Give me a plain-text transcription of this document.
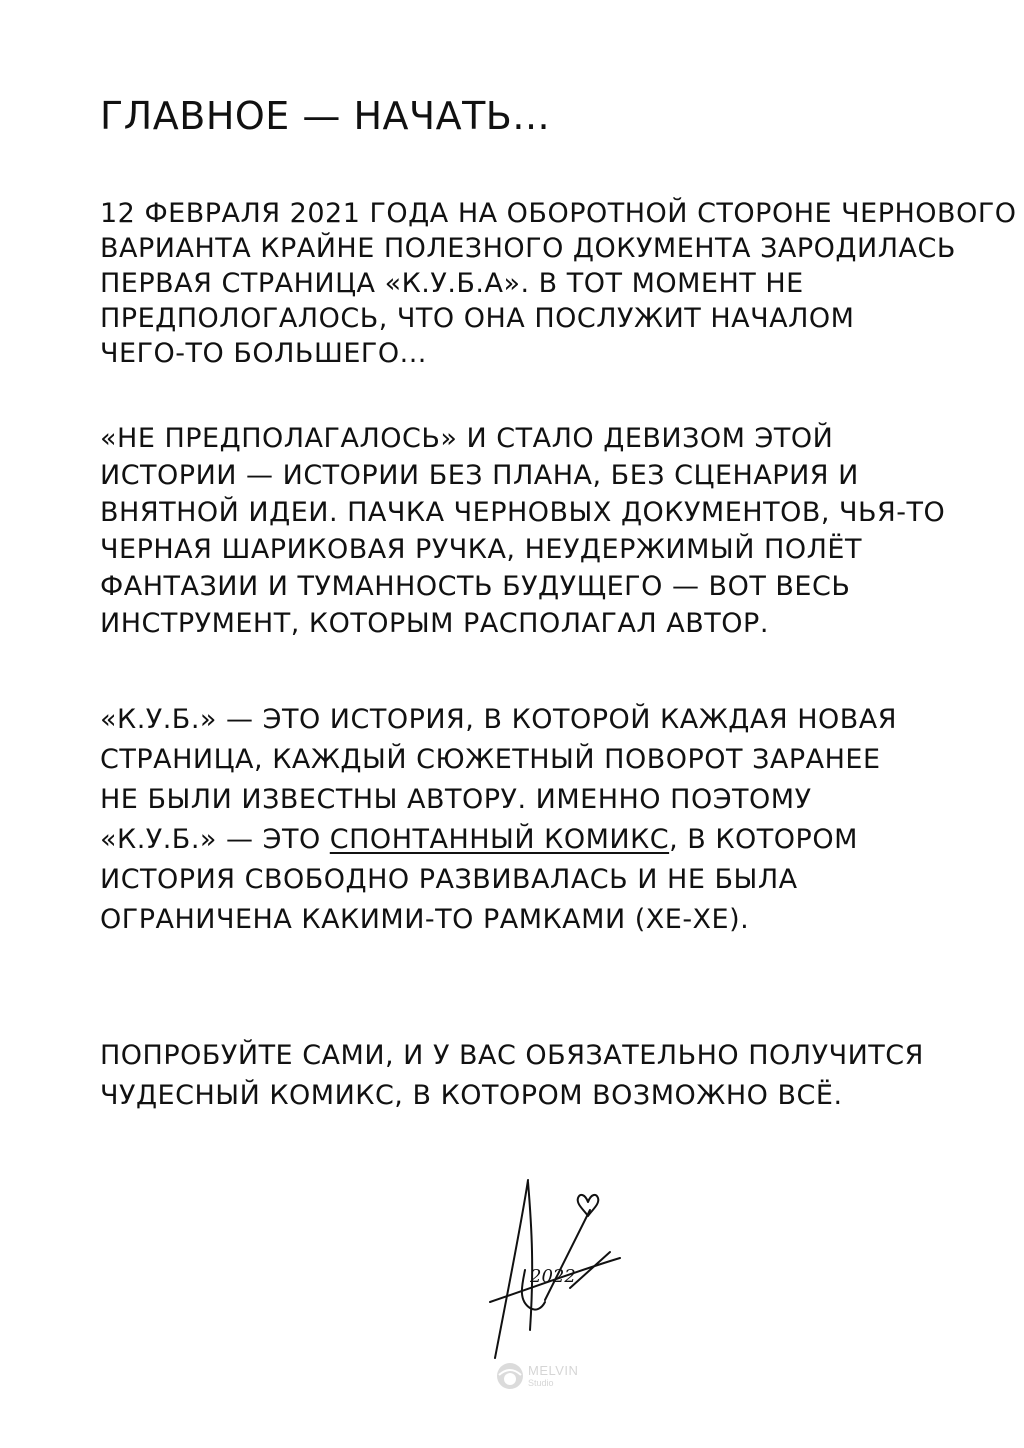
ГЛАВНОЕ — НАЧАТЬ...
12 ФЕВРАЛЯ 2021 ГОДА НА ОБОРОТНОЙ СТОРОНЕ ЧЕРНОВОГО
ВАРИАНТА КРАЙНЕ ПОЛЕЗНОГО ДОКУМЕНТА ЗАРОДИЛАСЬ
ПЕРВАЯ СТРАНИЦА «К.У.Б.А». В ТОТ МОМЕНТ НЕ
ПРЕДПОЛОГАЛОСЬ, ЧТО ОНА ПОСЛУЖИТ НАЧАЛОМ
ЧЕГО-ТО БОЛЬШЕГО...
«НЕ ПРЕДПОЛАГАЛОСЬ» И СТАЛО ДЕВИЗОМ ЭТОЙ
ИСТОРИИ — ИСТОРИИ БЕЗ ПЛАНА, БЕЗ СЦЕНАРИЯ И
ВНЯТНОЙ ИДЕИ. ПАЧКА ЧЕРНОВЫХ ДОКУМЕНТОВ, ЧЬЯ-ТО
ЧЕРНАЯ ШАРИКОВАЯ РУЧКА, НЕУДЕРЖИМЫЙ ПОЛЁТ
ФАНТАЗИИ И ТУМАННОСТЬ БУДУЩЕГО — ВОТ ВЕСЬ
ИНСТРУМЕНТ, КОТОРЫМ РАСПОЛАГАЛ АВТОР.
«К.У.Б.» — ЭТО ИСТОРИЯ, В КОТОРОЙ КАЖДАЯ НОВАЯ
СТРАНИЦА, КАЖДЫЙ СЮЖЕТНЫЙ ПОВОРОТ ЗАРАНЕЕ
НЕ БЫЛИ ИЗВЕСТНЫ АВТОРУ. ИМЕННО ПОЭТОМУ
«К.У.Б.» — ЭТО СПОНТАННЫЙ КОМИКС, В КОТОРОМ
ИСТОРИЯ СВОБОДНО РАЗВИВАЛАСЬ И НЕ БЫЛА
ОГРАНИЧЕНА КАКИМИ-ТО РАМКАМИ (ХЕ-ХЕ).
ПОПРОБУЙТЕ САМИ, И У ВАС ОБЯЗАТЕЛЬНО ПОЛУЧИТСЯ
ЧУДЕСНЫЙ КОМИКС, В КОТОРОМ ВОЗМОЖНО ВСЁ.
2022
MELVIN
Studio
